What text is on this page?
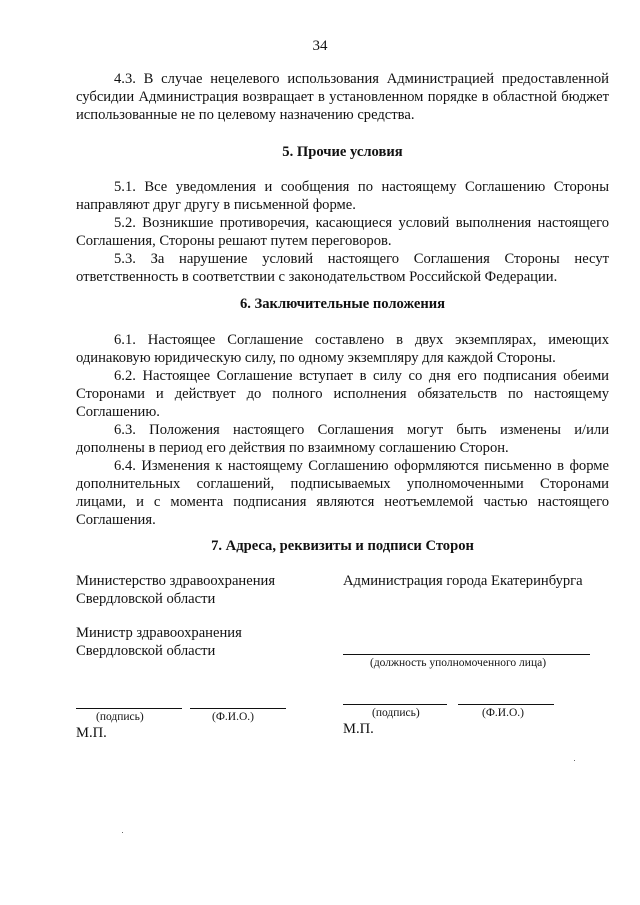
34

4.3. В случае нецелевого использования Администрацией предоставленной субсидии Администрация возвращает в установленном порядке в областной бюджет использованные не по целевому назначению средства.

5. Прочие условия

5.1. Все уведомления и сообщения по настоящему Соглашению Стороны направляют друг другу в письменной форме.

5.2. Возникшие противоречия, касающиеся условий выполнения настоящего Соглашения, Стороны решают путем переговоров.

5.3. За нарушение условий настоящего Соглашения Стороны несут ответственность в соответствии с законодательством Российской Федерации.

6. Заключительные положения

6.1. Настоящее Соглашение составлено в двух экземплярах, имеющих одинаковую юридическую силу, по одному экземпляру для каждой Стороны.

6.2. Настоящее Соглашение вступает в силу со дня его подписания обеими Сторонами и действует до полного исполнения обязательств по настоящему Соглашению.

6.3. Положения настоящего Соглашения могут быть изменены и/или дополнены в период его действия по взаимному соглашению Сторон.

6.4. Изменения к настоящему Соглашению оформляются письменно в форме дополнительных соглашений, подписываемых уполномоченными Сторонами лицами, и с момента подписания являются неотъемлемой частью настоящего Соглашения.

7. Адреса, реквизиты и подписи Сторон

Министерство здравоохранения
Свердловской области
Министр здравоохранения
Свердловской области
(подпись)	(Ф.И.О.)
М.П.
Администрация города Екатеринбурга
(должность уполномоченного лица)
(подпись)	(Ф.И.О.)
М.П.
